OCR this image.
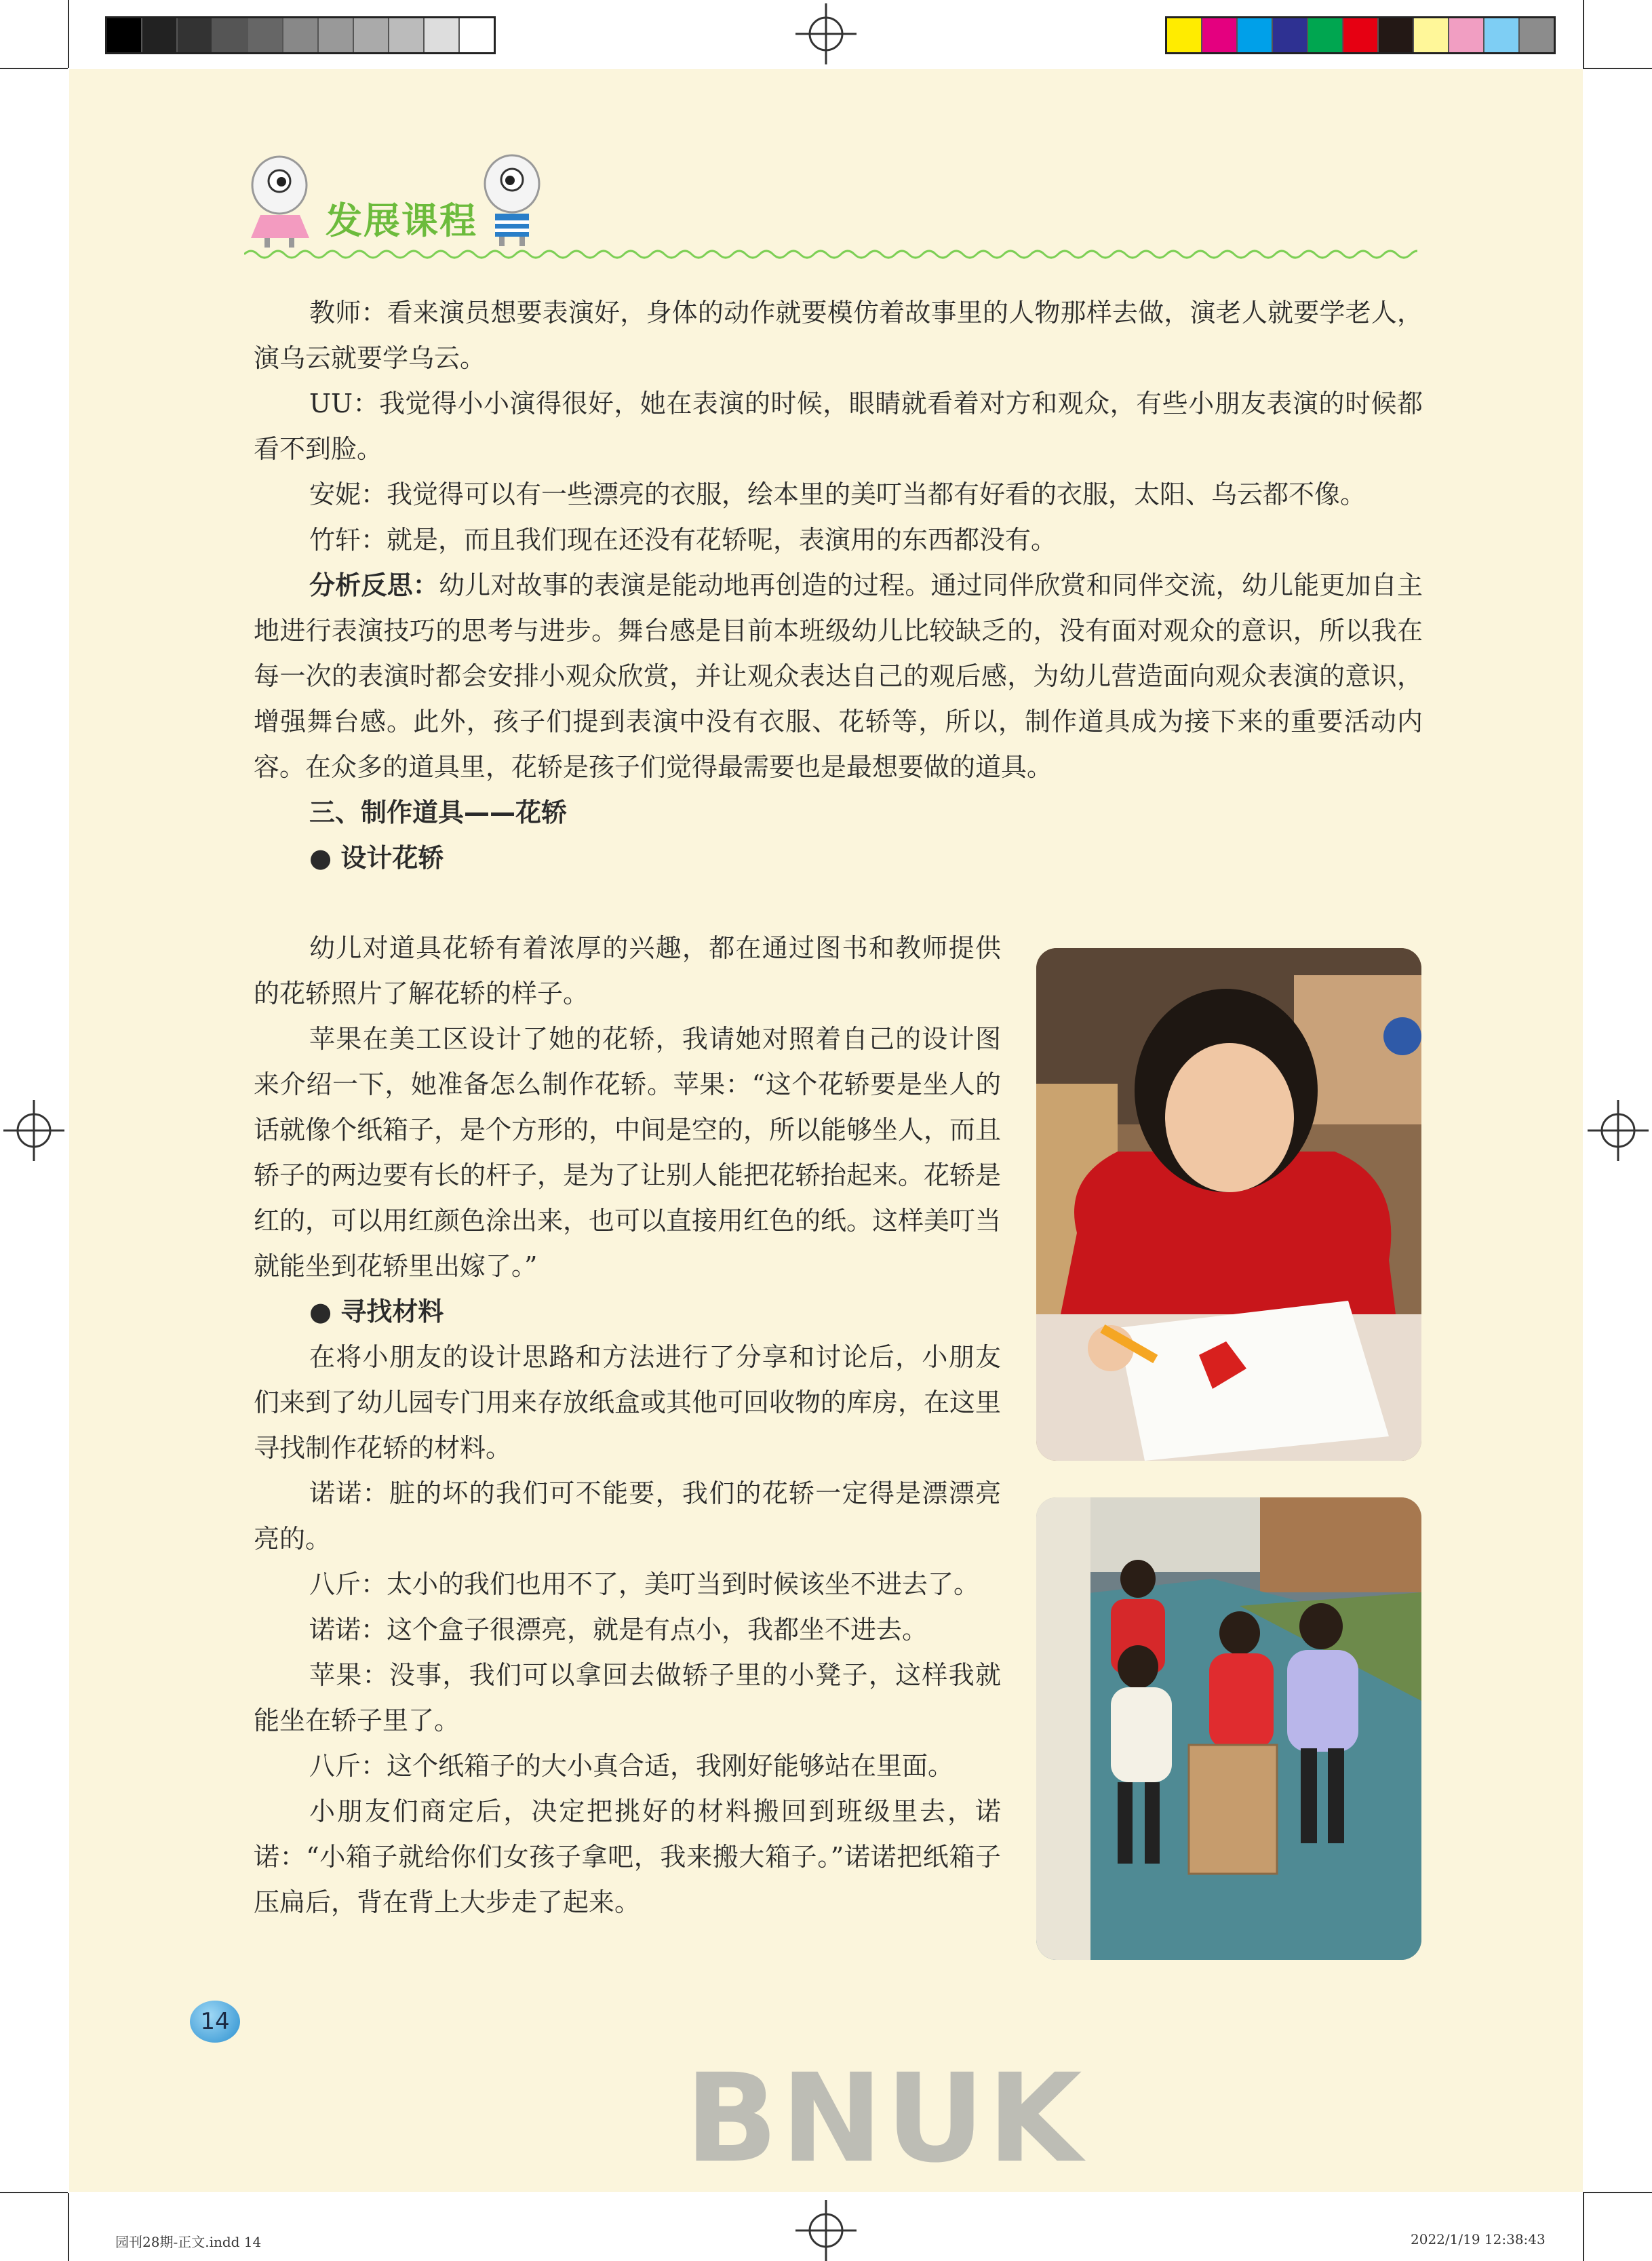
发展课程

教师：看来演员想要表演好，身体的动作就要模仿着故事里的人物那样去做，演老人就要学老人，演乌云就要学乌云。

UU：我觉得小小演得很好，她在表演的时候，眼睛就看着对方和观众，有些小朋友表演的时候都看不到脸。

安妮：我觉得可以有一些漂亮的衣服，绘本里的美叮当都有好看的衣服，太阳、乌云都不像。

竹轩：就是，而且我们现在还没有花轿呢，表演用的东西都没有。

分析反思：幼儿对故事的表演是能动地再创造的过程。通过同伴欣赏和同伴交流，幼儿能更加自主地进行表演技巧的思考与进步。舞台感是目前本班级幼儿比较缺乏的，没有面对观众的意识，所以我在每一次的表演时都会安排小观众欣赏，并让观众表达自己的观后感，为幼儿营造面向观众表演的意识，增强舞台感。此外，孩子们提到表演中没有衣服、花轿等，所以，制作道具成为接下来的重要活动内容。在众多的道具里，花轿是孩子们觉得最需要也是最想要做的道具。

三、制作道具——花轿

● 设计花轿

幼儿对道具花轿有着浓厚的兴趣，都在通过图书和教师提供的花轿照片了解花轿的样子。

苹果在美工区设计了她的花轿，我请她对照着自己的设计图来介绍一下，她准备怎么制作花轿。苹果：“这个花轿要是坐人的话就像个纸箱子，是个方形的，中间是空的，所以能够坐人，而且轿子的两边要有长的杆子，是为了让别人能把花轿抬起来。花轿是红的，可以用红颜色涂出来，也可以直接用红色的纸。这样美叮当就能坐到花轿里出嫁了。”

● 寻找材料

在将小朋友的设计思路和方法进行了分享和讨论后，小朋友们来到了幼儿园专门用来存放纸盒或其他可回收物的库房，在这里寻找制作花轿的材料。

诺诺：脏的坏的我们可不能要，我们的花轿一定得是漂漂亮亮的。

八斤：太小的我们也用不了，美叮当到时候该坐不进去了。

诺诺：这个盒子很漂亮，就是有点小，我都坐不进去。

苹果：没事，我们可以拿回去做轿子里的小凳子，这样我就能坐在轿子里了。

八斤：这个纸箱子的大小真合适，我刚好能够站在里面。

小朋友们商定后，决定把挑好的材料搬回到班级里去，诺诺：“小箱子就给你们女孩子拿吧，我来搬大箱子。”诺诺把纸箱子压扁后，背在背上大步走了起来。

14
BNUK
园刊28期-正文.indd 14	2022/1/19 12:38:43
